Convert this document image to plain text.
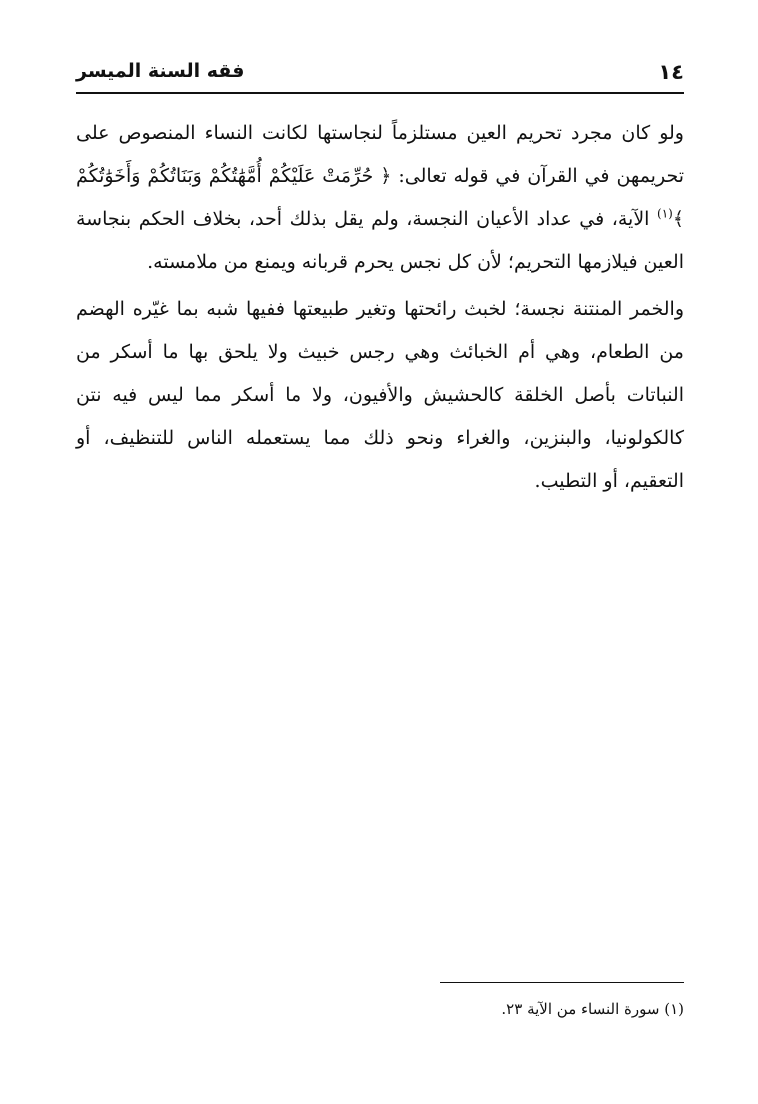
١٤
فقه السنة الميسر

ولو كان مجرد تحريم العين مستلزماً لنجاستها لكانت النساء المنصوص على تحريمهن في القرآن في قوله تعالى: ﴿ حُرِّمَتْ عَلَيْكُمْ أُمَّهَٰتُكُمْ وَبَنَاتُكُمْ وَأَخَوَٰتُكُمْ ﴾$^{(١)}$ الآية، في عداد الأعيان النجسة، ولم يقل بذلك أحد، بخلاف الحكم بنجاسة العين فيلازمها التحريم؛ لأن كل نجس يحرم قربانه ويمنع من ملامسته.

والخمر المنتنة نجسة؛ لخبث رائحتها وتغير طبيعتها ففيها شبه بما غيّره الهضم من الطعام، وهي أم الخبائث وهي رجس خبيث ولا يلحق بها ما أسكر من النباتات بأصل الخلقة كالحشيش والأفيون، ولا ما أسكر مما ليس فيه نتن كالكولونيا، والبنزين، والغراء ونحو ذلك مما يستعمله الناس للتنظيف، أو التعقيم، أو التطيب.

(١) سورة النساء من الآية ٢٣.
